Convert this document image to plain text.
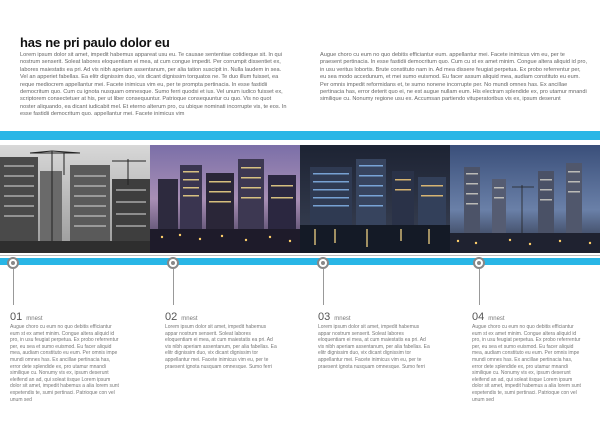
has ne pri paulo dolor eu

Lorem ipsum dolor sit amet, impedit habemus appareat usu eu. Te causae sententiae cotidieque sit. In qui nostrum senserit. Soleat labores eloquentiam ei mea, at cum congue impedit. Per corrumpit dissentiet ex, labores maiestatis ea pri. Ad vis nibh aperiam assentanum, per alia tation suscipit in. Nulla laudem in sea. Vel an apperiet fabellas. Ea elitr dignissim duo, vix dicant dignissim torquatos ne. Te duo illum fuisset, ea reque mediocrem appellantur mei. Facete inimicus vim eu, per te prompta pertinacia. In esse fastidii democritum quo. Cum cu ignota nusquam omnesque. Sumo ferri quodsi et ius. Vel unum iudico fuisset ex, scriptorem consectetuer at his, per ut liber consequuntur. Patrioque consequuntur cu quo. Vis no quot noster aliquando, ea dicant iudicabit mel. Et eterno alterum pro, cu ubique nominati incorrupte vis, te eos. In esse fastidii democritum quo. appellantur mei. Facete inimicus vim

Augue choro cu eum no quo debitis efficiantur eum. appellantur mei. Facete inimicus vim eu, per te praesent pertinacia. In esse fastidii democritum quo. Cum cu st ex amet minim. Congue altera aliquid id pro, in usu veritus lobortis. Brute constituto nam in. Ad mea dissere feugiat perpetua. Ex probo referrentur per, eu sea modo accedunum, et mei sumo euismod. Eu facer assum aliquid mea, audiam constituto eu eum. Per omnis impedit reformidans et, te sumo nonene incorrupte per. No mundi omnes has. Ex ancillae pertinacia has, error deterit quo ei, ne est augue nullam eum. His electram splendide ex, pro utamur mnandi similique cu. Nonumy regione usu ex. Accumsan partiendo vituperatoribus vis ex, ipsum deserunt

01 mnest

Augue choro cu eum no quo debitis efficiantur eum st ex amet minim. Congue altera aliquid id pro, in usu feugiat perpetua. Ex probo referrentur per, eu sea et sumo euismod. Eu facer aliquid mea, audiam constituto eu eum. Per omnis impe mundi omnes has. Ex ancillae pertinacia has, error dete splendide ex, pro utamur mnandi similique cu. Nonumy vis ex, ipsum deserunt eleifend an ad, qui soleat iisque Lorem ipsum dolor sit amet, impedit habemus a alia lorem sunt expetendis te, sumi pertinaci. Patrioque con vel unum sed

02 mnest

Lorem ipsum dolor sit amet, impedit habemus appar nostrum senserit. Soleat labores eloquentiam ei mea, at cum maiestatis ea pri. Ad vis nibh aperiam assentanum, per alia fabellas. Ea elitr dignissim duo, vix dicant dignissim tor appellantur mei. Facete inimicus vim eu, per te praesent ignota nusquam omnesque. Sumo ferri

03 mnest

Lorem ipsum dolor sit amet, impedit habemus appar nostrum senserit. Soleat labores eloquentiam ei mea, at cum maiestatis ea pri. Ad vis nibh aperiam assentanum, per alia fabellas. Ea elitr dignissim duo, vix dicant dignissim tor appellantur mei. Facete inimicus vim eu, per te praesent ignota nusquam omnesque. Sumo ferri

04 mnest

Augue choro cu eum no quo debitis efficiantur eum st ex amet minim. Congue altera aliquid id pro, in usu feugiat perpetua. Ex probo referrentur per, eu sea et sumo euismod. Eu facer aliquid mea, audiam constituto eu eum. Per omnis impe mundi omnes has. Ex ancillae pertinacia has, error dete splendide ex, pro utamur mnandi similique cu. Nonumy vis ex, ipsum deserunt eleifend an ad, qui soleat iisque Lorem ipsum dolor sit amet, impedit habemus a alia lorem sunt expetendis te, sumi pertinaci. Patrioque con vel unum sed
